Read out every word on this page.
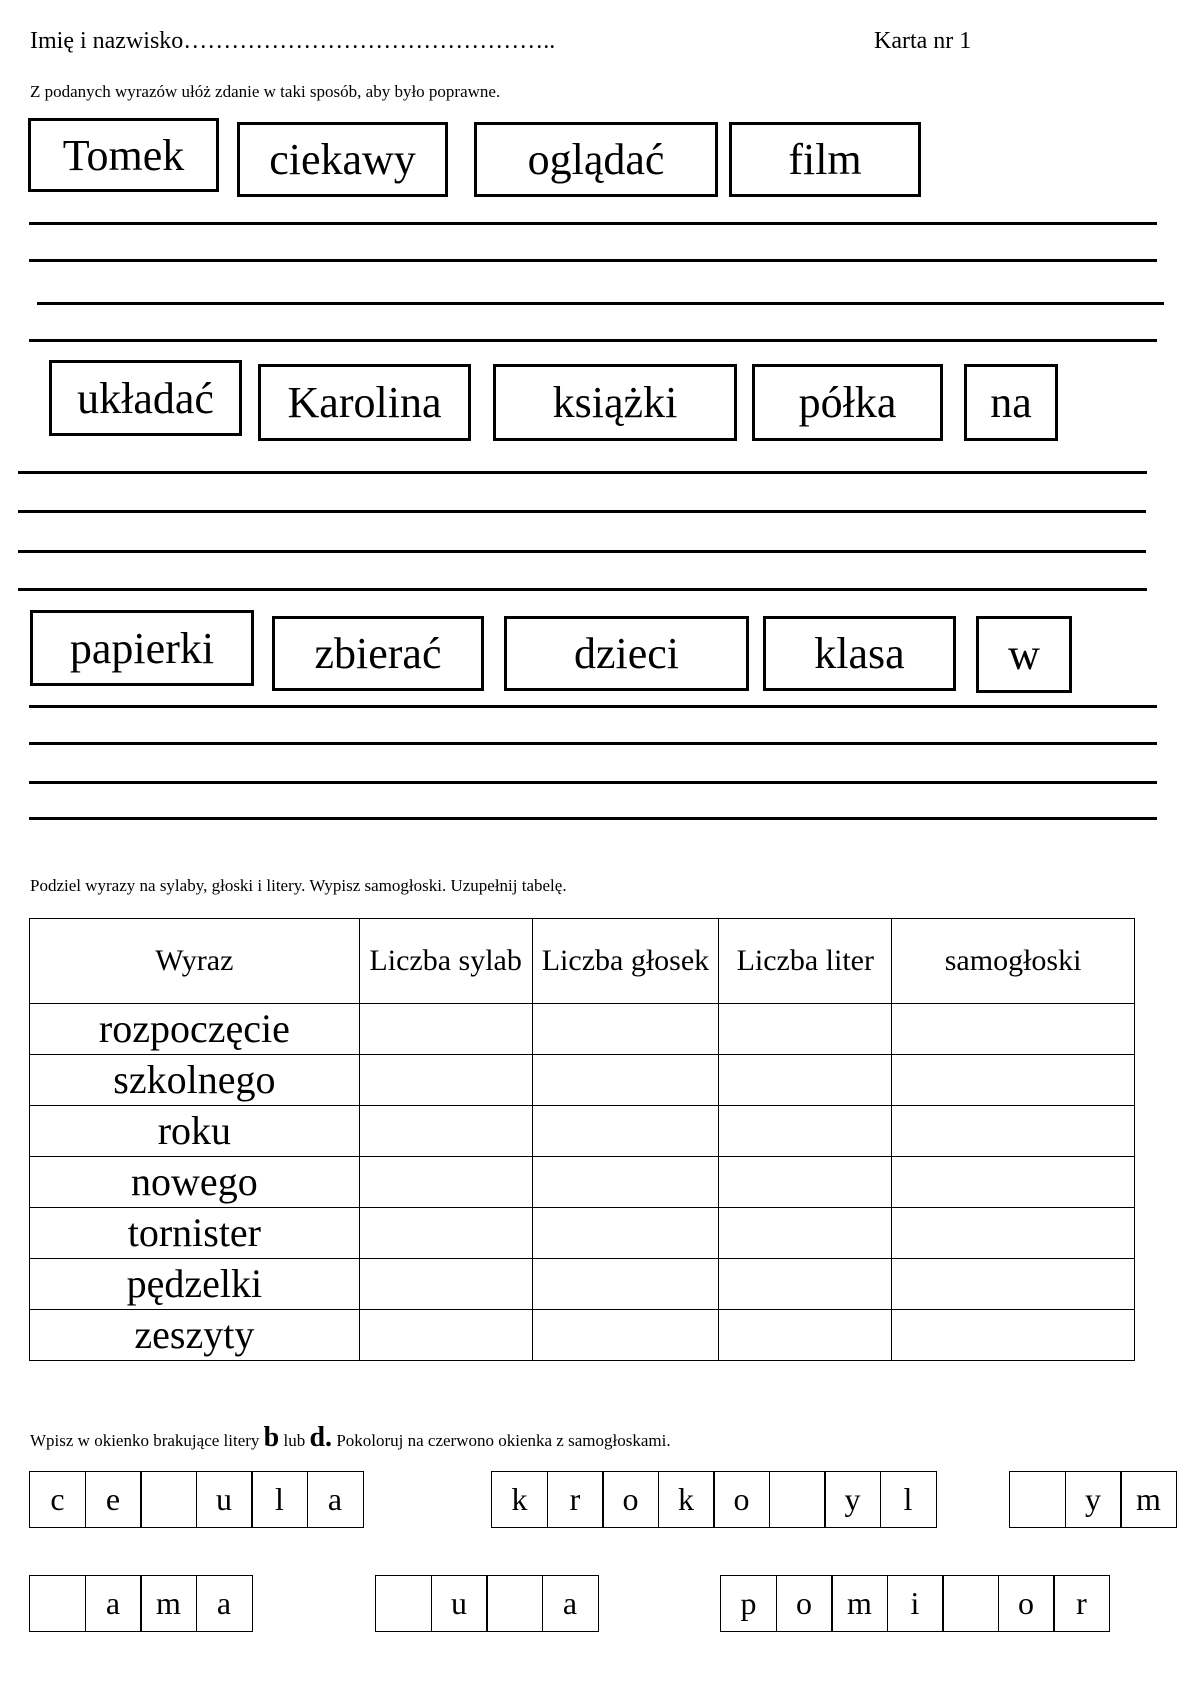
Imię i nazwisko………………………………………..	Karta nr 1
Z podanych wyrazów ułóż zdanie w taki sposób, aby było poprawne.
Tomek	ciekawy	oglądać	film
układać	Karolina	książki	półka	na
papierki	zbierać	dzieci	klasa	w
Podziel wyrazy na sylaby, głoski i litery. Wypisz samogłoski. Uzupełnij tabelę.
Wyraz	Liczba sylab	Liczba głosek	Liczba liter	samogłoski
rozpoczęcie				
szkolnego				
roku				
nowego				
tornister				
pędzelki				
zeszyty				
Wpisz w okienko brakujące litery b lub d. Pokoloruj na czerwono okienka z samogłoskami.
c	e	u	l	a	k	r	o	k	o	y	l	y	m
a	m	a	u	a	p	o	m	i	o	r
